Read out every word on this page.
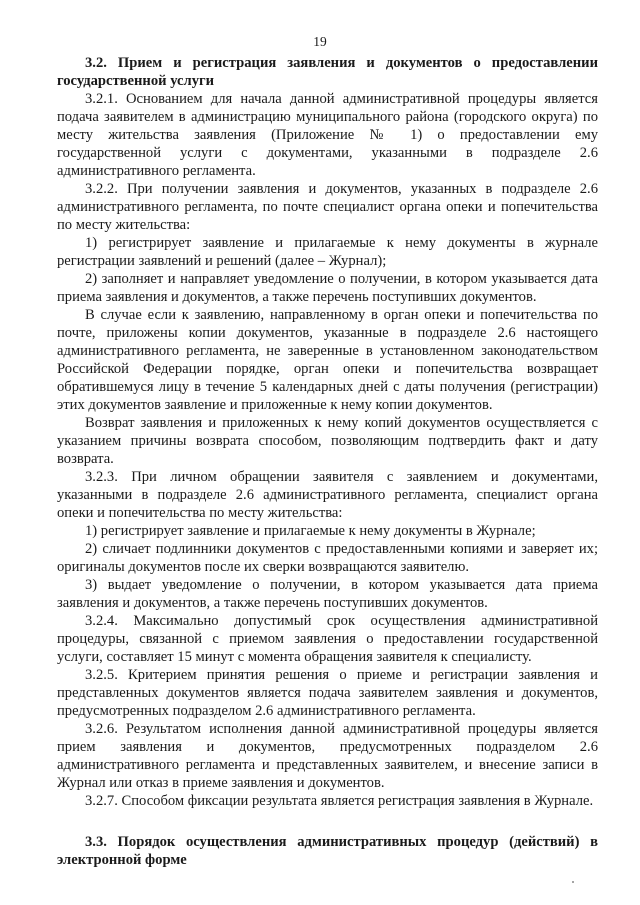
19

3.2. Прием и регистрация заявления и документов о предоставлении государственной услуги

3.2.1. Основанием для начала данной административной процедуры является подача заявителем в администрацию муниципального района (городского округа) по месту жительства заявления (Приложение № 1) о предоставлении ему государственной услуги с документами, указанными в подразделе 2.6 административного регламента.

3.2.2. При получении заявления и документов, указанных в подразделе 2.6 административного регламента, по почте специалист органа опеки и попечительства по месту жительства:

1) регистрирует заявление и прилагаемые к нему документы в журнале регистрации заявлений и решений (далее – Журнал);

2) заполняет и направляет уведомление о получении, в котором указывается дата приема заявления и документов, а также перечень поступивших документов.

В случае если к заявлению, направленному в орган опеки и попечительства по почте, приложены копии документов, указанные в подразделе 2.6 настоящего административного регламента, не заверенные в установленном законодательством Российской Федерации порядке, орган опеки и попечительства возвращает обратившемуся лицу в течение 5 календарных дней с даты получения (регистрации) этих документов заявление и приложенные к нему копии документов.

Возврат заявления и приложенных к нему копий документов осуществляется с указанием причины возврата способом, позволяющим подтвердить факт и дату возврата.

3.2.3. При личном обращении заявителя с заявлением и документами, указанными в подразделе 2.6 административного регламента, специалист органа опеки и попечительства по месту жительства:

1) регистрирует заявление и прилагаемые к нему документы в Журнале;

2) сличает подлинники документов с предоставленными копиями и заверяет их; оригиналы документов после их сверки возвращаются заявителю.

3) выдает уведомление о получении, в котором указывается дата приема заявления и документов, а также перечень поступивших документов.

3.2.4. Максимально допустимый срок осуществления административной процедуры, связанной с приемом заявления о предоставлении государственной услуги, составляет 15 минут с момента обращения заявителя к специалисту.

3.2.5. Критерием принятия решения о приеме и регистрации заявления и представленных документов является подача заявителем заявления и документов, предусмотренных подразделом 2.6 административного регламента.

3.2.6. Результатом исполнения данной административной процедуры является прием заявления и документов, предусмотренных подразделом 2.6 административного регламента и представленных заявителем, и внесение записи в Журнал или отказ в приеме заявления и документов.

3.2.7. Способом фиксации результата является регистрация заявления в Журнале.

3.3. Порядок осуществления административных процедур (действий) в электронной форме
